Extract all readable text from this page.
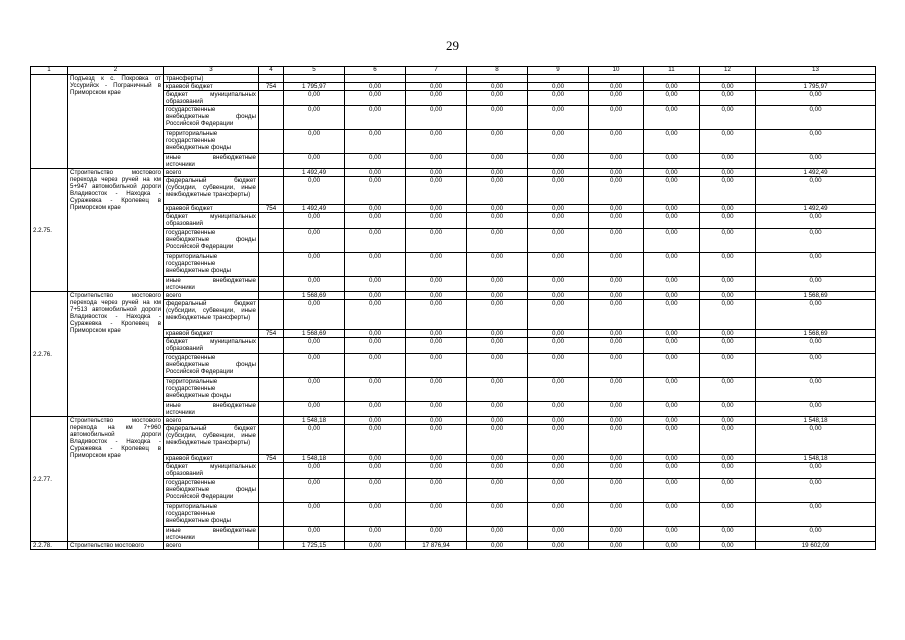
29
1	2	3	4	5	6	7	8	9	10	11	12	13
	Подъезд к с. Покровка от Уссурийск - Пограничный в Приморском крае	трансферты)										
		краевой бюджет	754	1 795,97	0,00	0,00	0,00	0,00	0,00	0,00	0,00	1 795,97
		бюджет муниципальных образований		0,00	0,00	0,00	0,00	0,00	0,00	0,00	0,00	0,00
		государственные внебюджетные фонды Российской Федерации		0,00	0,00	0,00	0,00	0,00	0,00	0,00	0,00	0,00
		территориальные государственные внебюджетные фонды		0,00	0,00	0,00	0,00	0,00	0,00	0,00	0,00	0,00
		иные внебюджетные источники		0,00	0,00	0,00	0,00	0,00	0,00	0,00	0,00	0,00
2.2.75.	Строительство мостового перехода через ручей на км 5+947 автомобильной дороги Владивосток - Находка - Суражевка - Кролевец в Приморском крае	всего		1 492,49	0,00	0,00	0,00	0,00	0,00	0,00	0,00	1 492,49
		федеральный бюджет (субсидии, субвенции, иные межбюджетные трансферты)		0,00	0,00	0,00	0,00	0,00	0,00	0,00	0,00	0,00
		краевой бюджет	754	1 492,49	0,00	0,00	0,00	0,00	0,00	0,00	0,00	1 492,49
		бюджет муниципальных образований		0,00	0,00	0,00	0,00	0,00	0,00	0,00	0,00	0,00
		государственные внебюджетные фонды Российской Федерации		0,00	0,00	0,00	0,00	0,00	0,00	0,00	0,00	0,00
		территориальные государственные внебюджетные фонды		0,00	0,00	0,00	0,00	0,00	0,00	0,00	0,00	0,00
		иные внебюджетные источники		0,00	0,00	0,00	0,00	0,00	0,00	0,00	0,00	0,00
2.2.76.	Строительство мостового перехода через ручей на км 7+513 автомобильной дороги Владивосток - Находка - Суражевка - Кролевец в Приморском крае	всего		1 568,69	0,00	0,00	0,00	0,00	0,00	0,00	0,00	1 568,69
		федеральный бюджет (субсидии, субвенции, иные межбюджетные трансферты)		0,00	0,00	0,00	0,00	0,00	0,00	0,00	0,00	0,00
		краевой бюджет	754	1 568,69	0,00	0,00	0,00	0,00	0,00	0,00	0,00	1 568,69
		бюджет муниципальных образований		0,00	0,00	0,00	0,00	0,00	0,00	0,00	0,00	0,00
		государственные внебюджетные фонды Российской Федерации		0,00	0,00	0,00	0,00	0,00	0,00	0,00	0,00	0,00
		территориальные государственные внебюджетные фонды		0,00	0,00	0,00	0,00	0,00	0,00	0,00	0,00	0,00
		иные внебюджетные источники		0,00	0,00	0,00	0,00	0,00	0,00	0,00	0,00	0,00
2.2.77.	Строительство мостового перехода на км 7+960 автомобильной дороги Владивосток - Находка - Суражевка - Кролевец в Приморском крае	всего		1 548,18	0,00	0,00	0,00	0,00	0,00	0,00	0,00	1 548,18
		федеральный бюджет (субсидии, субвенции, иные межбюджетные трансферты)		0,00	0,00	0,00	0,00	0,00	0,00	0,00	0,00	0,00
		краевой бюджет	754	1 548,18	0,00	0,00	0,00	0,00	0,00	0,00	0,00	1 548,18
		бюджет муниципальных образований		0,00	0,00	0,00	0,00	0,00	0,00	0,00	0,00	0,00
		государственные внебюджетные фонды Российской Федерации		0,00	0,00	0,00	0,00	0,00	0,00	0,00	0,00	0,00
		территориальные государственные внебюджетные фонды		0,00	0,00	0,00	0,00	0,00	0,00	0,00	0,00	0,00
		иные внебюджетные источники		0,00	0,00	0,00	0,00	0,00	0,00	0,00	0,00	0,00
2.2.78.	Строительство мостового	всего		1 725,15	0,00	17 876,94	0,00	0,00	0,00	0,00	0,00	19 602,09
